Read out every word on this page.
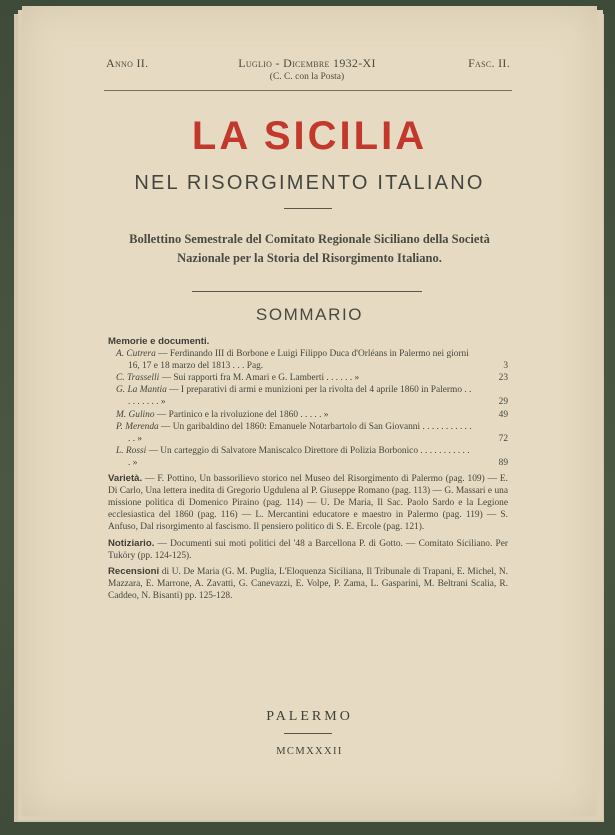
Anno II.	Luglio - Dicembre 1932-XI
(C. C. con la Posta)
Fasc. II.
LA SICILIA
NEL RISORGIMENTO ITALIANO
Bollettino Semestrale del Comitato Regionale Siciliano della Società Nazionale per la Storia del Risorgimento Italiano.
SOMMARIO
Memorie e documenti.
A. Cutrera — Ferdinando III di Borbone e Luigi Filippo Duca d'Orléans in Palermo nei giorni 16, 17 e 18 marzo del 1813 . . . Pag.	3
C. Trasselli — Sui rapporti fra M. Amari e G. Lamberti . . . . . . »	23
G. La Mantia — I preparativi di armi e munizioni per la rivolta del 4 aprile 1860 in Palermo . . . . . . . . . »	29
M. Gulino — Partinico e la rivoluzione del 1860 . . . . . »	49
P. Merenda — Un garibaldino del 1860: Emanuele Notarbartolo di San Giovanni . . . . . . . . . . . . . »	72
L. Rossi — Un carteggio di Salvatore Maniscalco Direttore di Polizia Borbonico . . . . . . . . . . . . »	89
Varietà. — F. Pottino, Un bassorilievo storico nel Museo del Risorgimento di Palermo (pag. 109) — E. Di Carlo, Una lettera inedita di Gregorio Ugdulena al P. Giuseppe Romano (pag. 113) — G. Massari e una missione politica di Domenico Piraino (pag. 114) — U. De Maria, Il Sac. Paolo Sardo e la Legione ecclesiastica del 1860 (pag. 116) — L. Mercantini educatore e maestro in Palermo (pag. 119) — S. Anfuso, Dal risorgimento al fascismo. Il pensiero politico di S. E. Ercole (pag. 121).
Notiziario. — Documenti sui moti politici del '48 a Barcellona P. di Gotto. — Comitato Siciliano. Per Tuköry (pp. 124-125).
Recensioni di U. De Maria (G. M. Puglia, L'Eloquenza Siciliana, Il Tribunale di Trapani, E. Michel, N. Mazzara, E. Marrone, A. Zavatti, G. Canevazzi, E. Volpe, P. Zama, L. Gasparini, M. Beltrani Scalia, R. Caddeo, N. Bisanti) pp. 125-128.
PALERMO
MCMXXXII
